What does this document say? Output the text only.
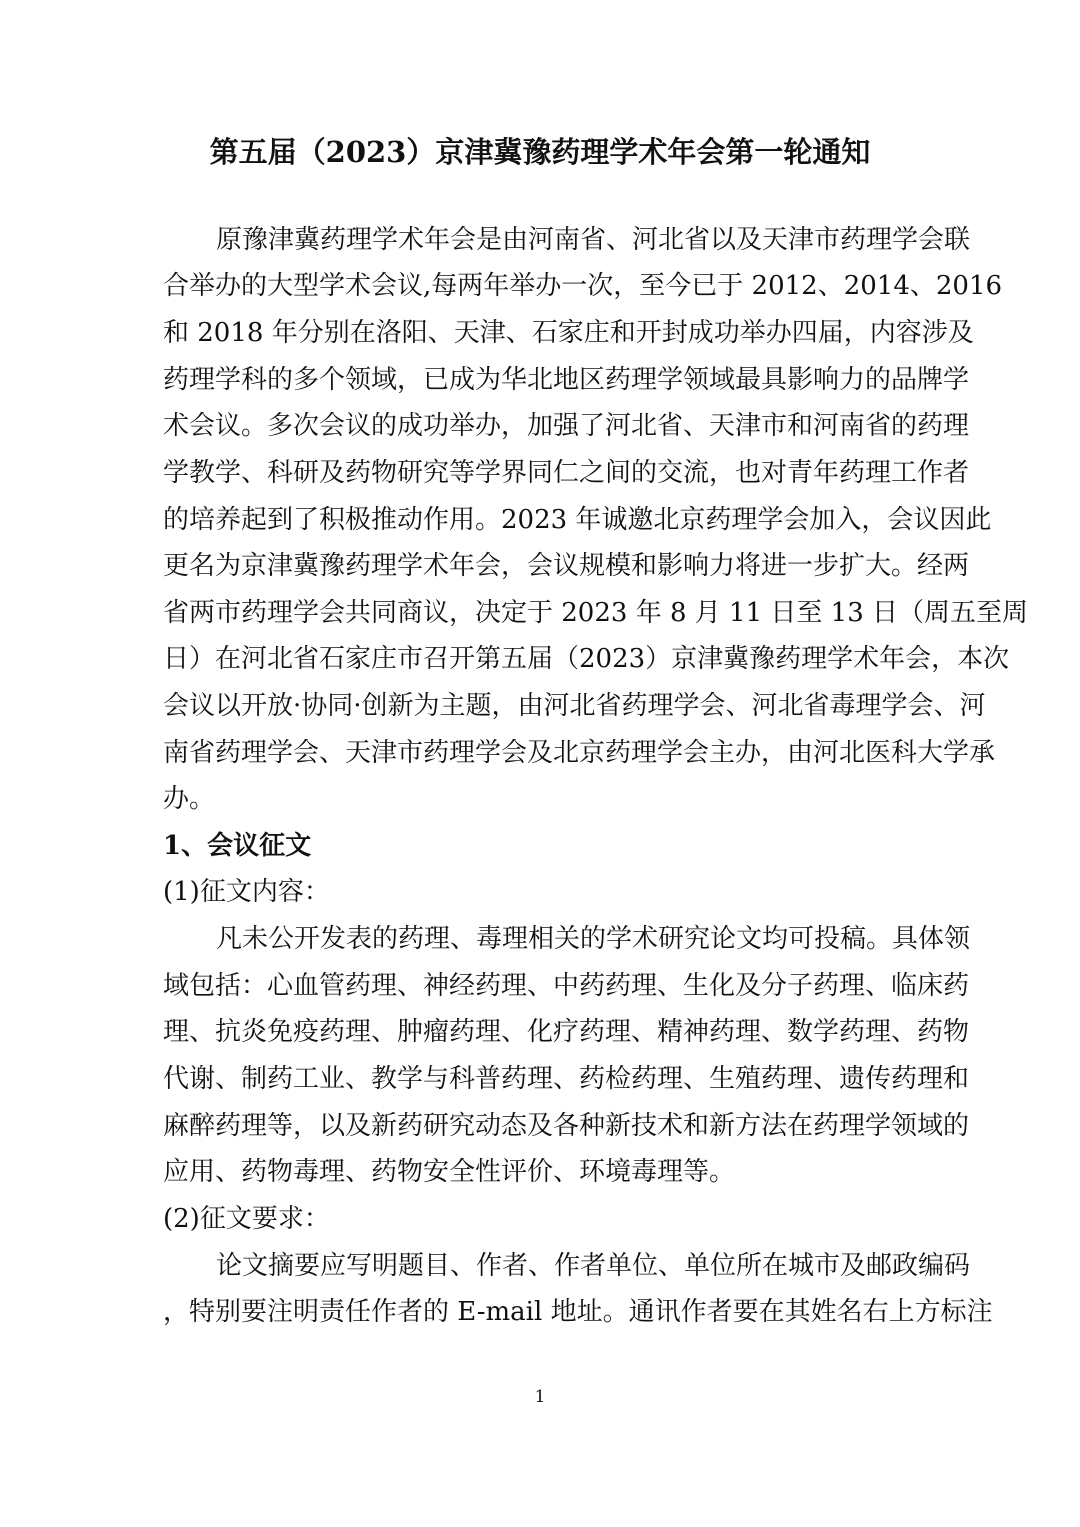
第五届（2023）京津冀豫药理学术年会第一轮通知
原豫津冀药理学术年会是由河南省、河北省以及天津市药理学会联
合举办的大型学术会议,每两年举办一次，至今已于 2012、2014、2016
和 2018 年分别在洛阳、天津、石家庄和开封成功举办四届，内容涉及
药理学科的多个领域，已成为华北地区药理学领域最具影响力的品牌学
术会议。多次会议的成功举办，加强了河北省、天津市和河南省的药理
学教学、科研及药物研究等学界同仁之间的交流，也对青年药理工作者
的培养起到了积极推动作用。2023 年诚邀北京药理学会加入，会议因此
更名为京津冀豫药理学术年会，会议规模和影响力将进一步扩大。经两
省两市药理学会共同商议，决定于 2023 年 8 月 11 日至 13 日（周五至周
日）在河北省石家庄市召开第五届（2023）京津冀豫药理学术年会，本次
会议以开放·协同·创新为主题，由河北省药理学会、河北省毒理学会、河
南省药理学会、天津市药理学会及北京药理学会主办，由河北医科大学承
办。
1、会议征文
(1)征文内容：
凡未公开发表的药理、毒理相关的学术研究论文均可投稿。具体领
域包括：心血管药理、神经药理、中药药理、生化及分子药理、临床药
理、抗炎免疫药理、肿瘤药理、化疗药理、精神药理、数学药理、药物
代谢、制药工业、教学与科普药理、药检药理、生殖药理、遗传药理和
麻醉药理等，以及新药研究动态及各种新技术和新方法在药理学领域的
应用、药物毒理、药物安全性评价、环境毒理等。
(2)征文要求：
论文摘要应写明题目、作者、作者单位、单位所在城市及邮政编码
，特别要注明责任作者的 E-mail 地址。通讯作者要在其姓名右上方标注
1
